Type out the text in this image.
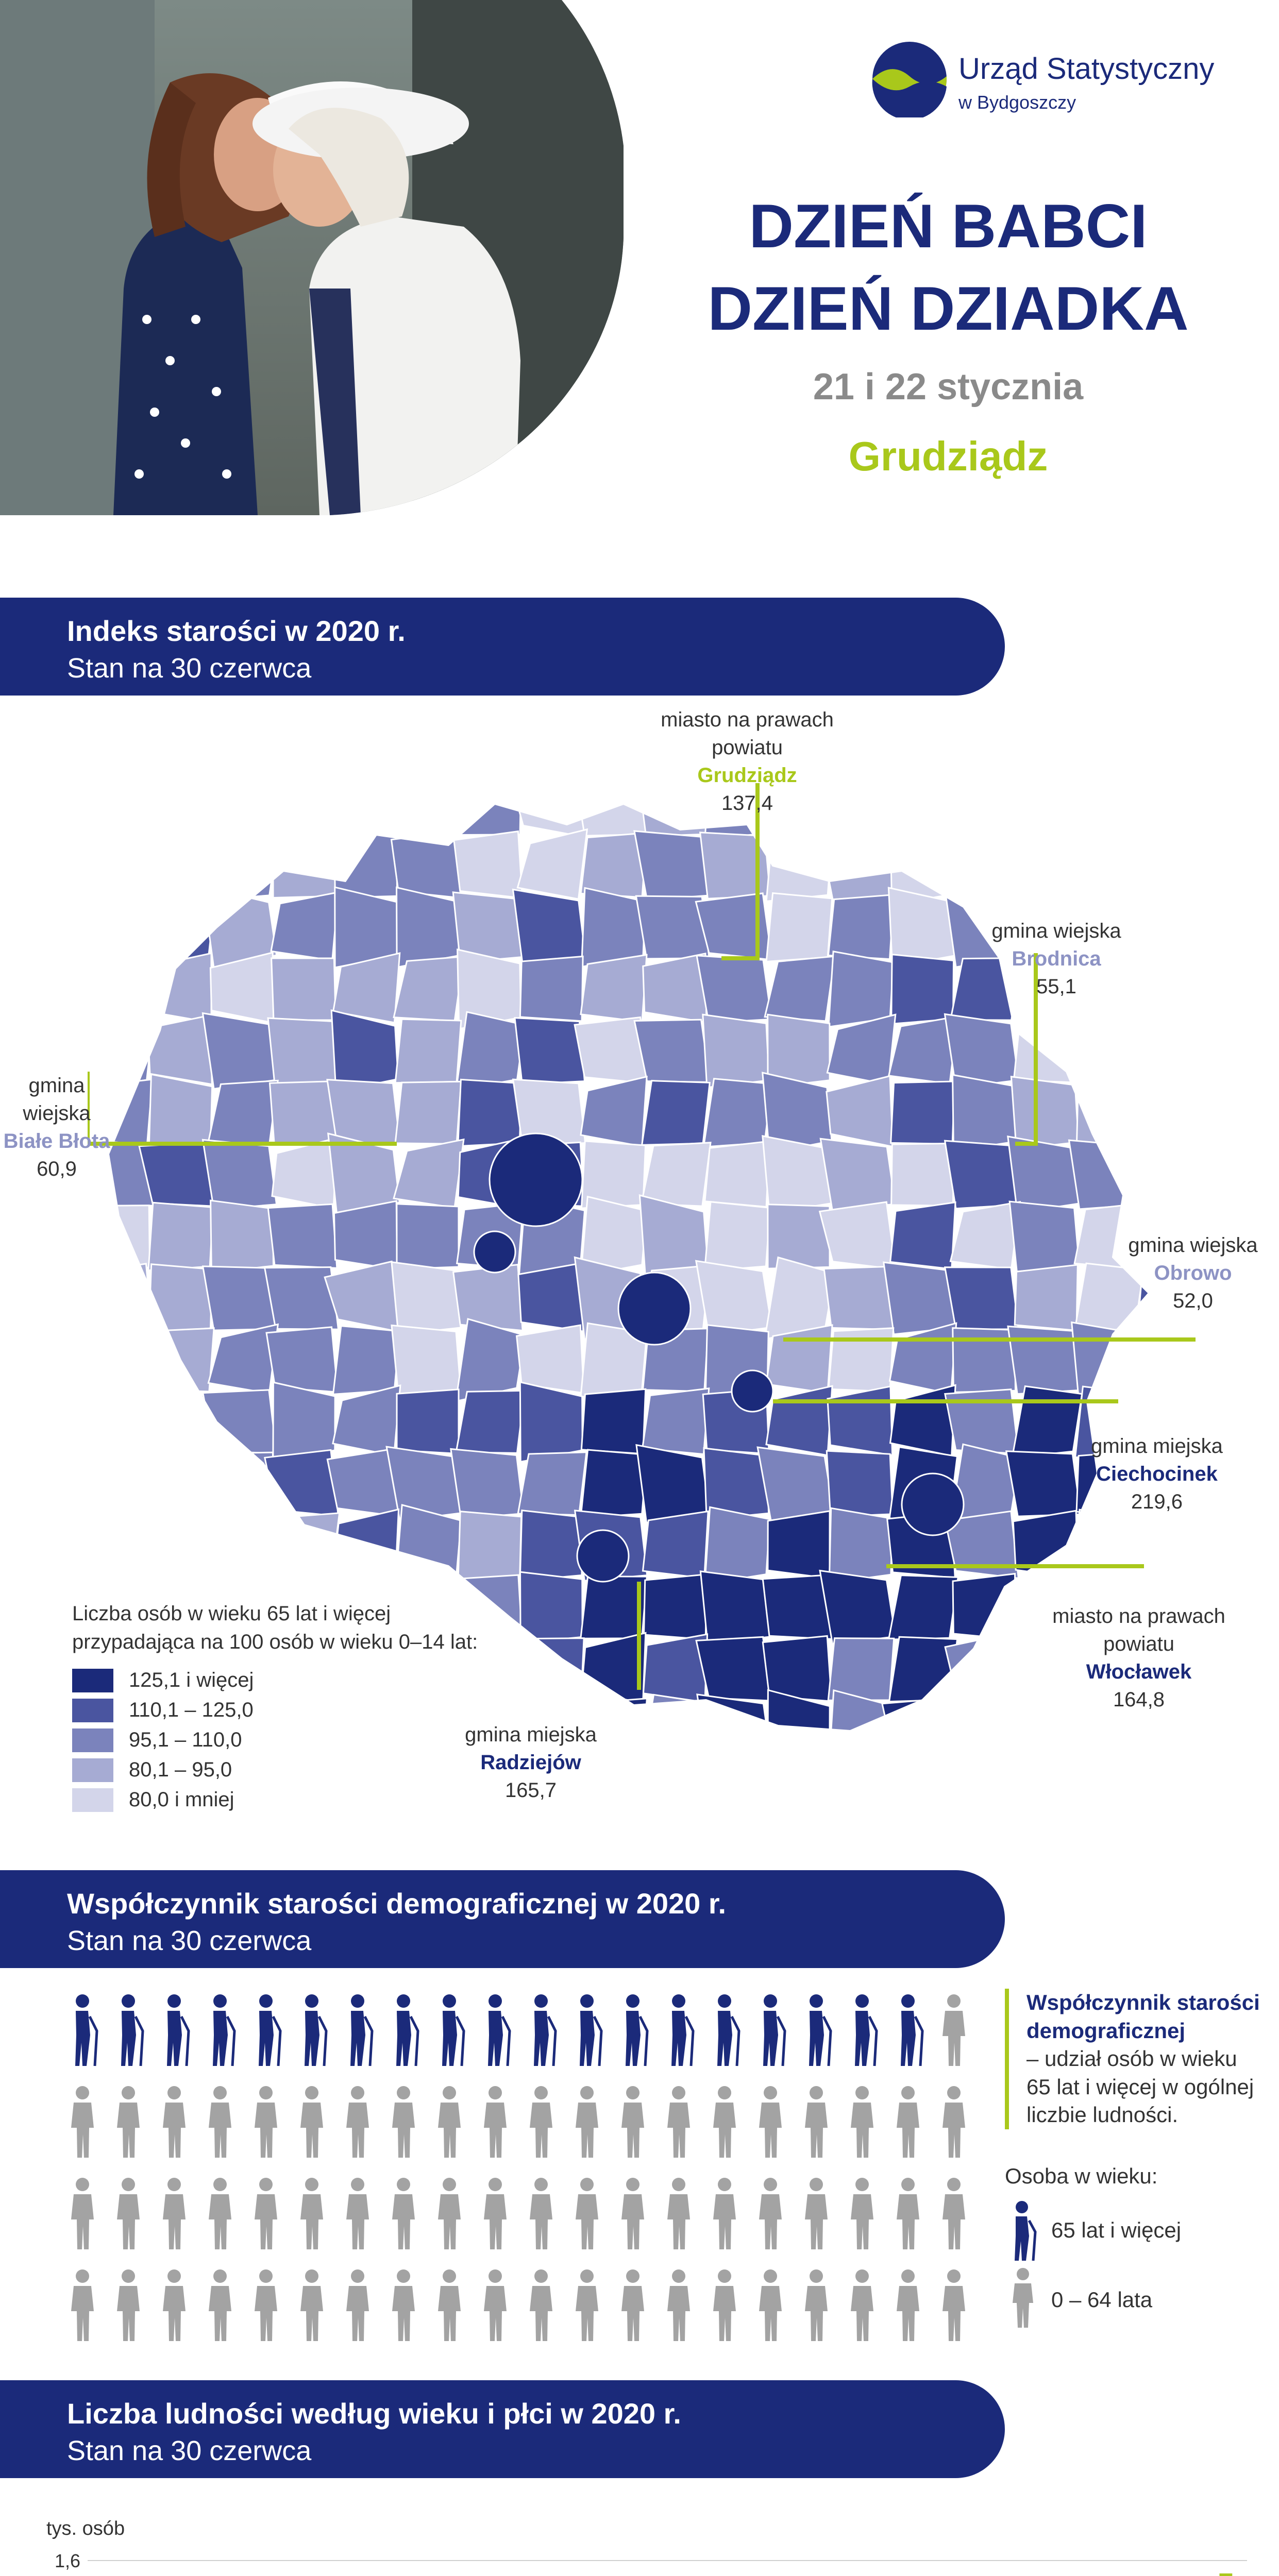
Urząd Statystyczny
w Bydgoszczy
DZIEŃ BABCI
DZIEŃ DZIADKA
21 i 22 stycznia
Grudziądz
Indeks starości w 2020 r.
Stan na 30 czerwca
miasto na prawach powiatu
Grudziądz
137,4
gmina wiejska
Brodnica
55,1
gmina wiejska
Białe Błota
60,9
gmina wiejska
Obrowo
52,0
gmina miejska
Ciechocinek
219,6
miasto na prawach powiatu
Włocławek
164,8
gmina miejska
Radziejów
165,7
Liczba osób w wieku 65 lat i więcej przypadająca na 100 osób w wieku 0–14 lat:
125,1 i więcej
110,1 – 125,0
95,1 – 110,0
80,1 – 95,0
80,0 i mniej
Współczynnik starości demograficznej w 2020 r.
Stan na 30 czerwca
Współczynnik starości demograficznej
– udział osób w wieku 65 lat i więcej w ogólnej liczbie ludności.
Osoba w wieku:
65 lat i więcej
0 – 64 lata
Liczba ludności według wieku i płci w 2020 r.
Stan na 30 czerwca
tys. osób
1,6
